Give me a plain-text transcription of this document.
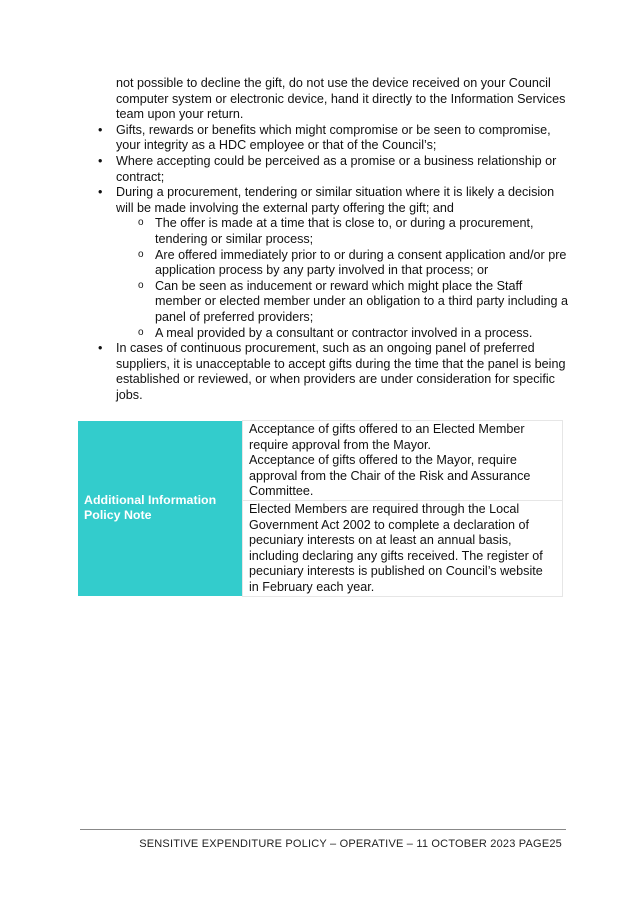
not possible to decline the gift, do not use the device received on your Council computer system or electronic device, hand it directly to the Information Services team upon your return.

• Gifts, rewards or benefits which might compromise or be seen to compromise, your integrity as a HDC employee or that of the Council’s;
• Where accepting could be perceived as a promise or a business relationship or contract;
• During a procurement, tendering or similar situation where it is likely a decision will be made involving the external party offering the gift; and
o The offer is made at a time that is close to, or during a procurement, tendering or similar process;
o Are offered immediately prior to or during a consent application and/or pre application process by any party involved in that process; or
o Can be seen as inducement or reward which might place the Staff member or elected member under an obligation to a third party including a panel of preferred providers;
o A meal provided by a consultant or contractor involved in a process.
• In cases of continuous procurement, such as an ongoing panel of preferred suppliers, it is unacceptable to accept gifts during the time that the panel is being established or reviewed, or when providers are under consideration for specific jobs.
Additional Information Policy Note	Acceptance of gifts offered to an Elected Member require approval from the Mayor.
Acceptance of gifts offered to the Mayor, require approval from the Chair of the Risk and Assurance Committee.
Elected Members are required through the Local Government Act 2002 to complete a declaration of pecuniary interests on at least an annual basis, including declaring any gifts received. The register of pecuniary interests is published on Council’s website in February each year.
SENSITIVE EXPENDITURE POLICY – OPERATIVE – 11 OCTOBER 2023 PAGE25
